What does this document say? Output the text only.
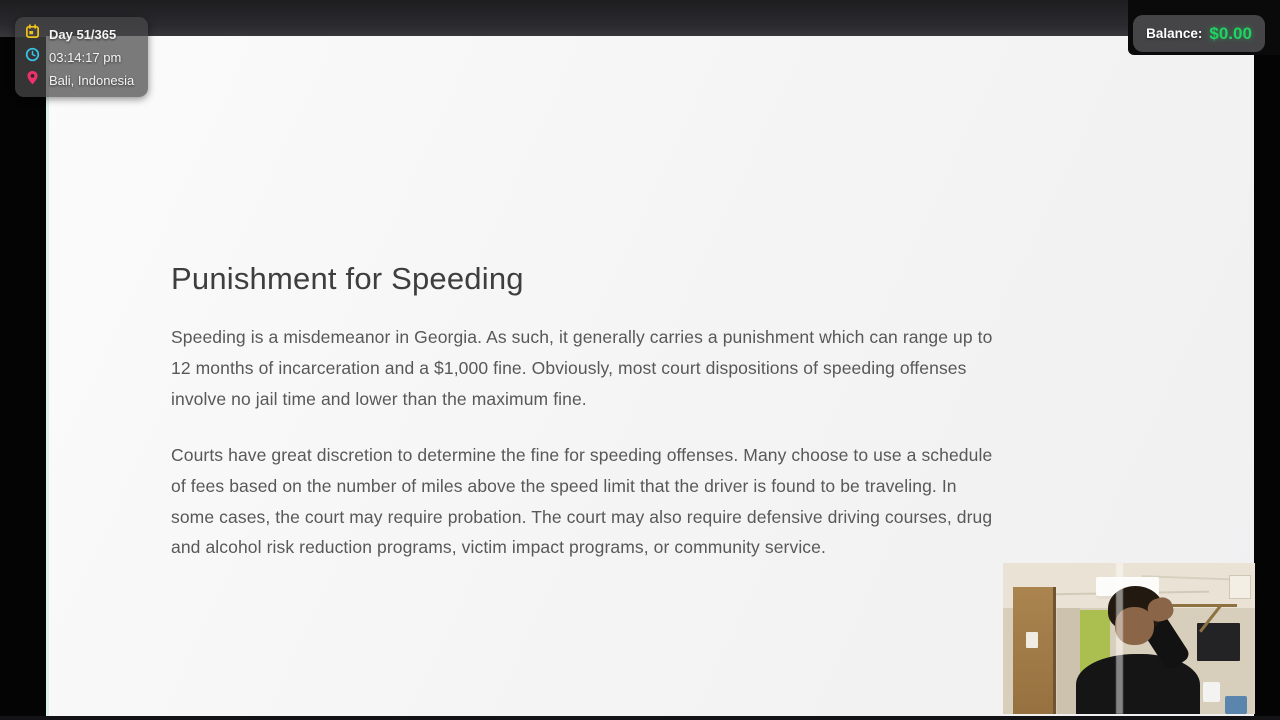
Punishment for Speeding
Speeding is a misdemeanor in Georgia. As such, it generally carries a punishment which can range up to
12 months of incarceration and a $1,000 fine. Obviously, most court dispositions of speeding offenses
involve no jail time and lower than the maximum fine.
Courts have great discretion to determine the fine for speeding offenses. Many choose to use a schedule
of fees based on the number of miles above the speed limit that the driver is found to be traveling. In
some cases, the court may require probation. The court may also require defensive driving courses, drug
and alcohol risk reduction programs, victim impact programs, or community service.
Day 51/365
03:14:17 pm
Bali, Indonesia
Balance: $0.00
